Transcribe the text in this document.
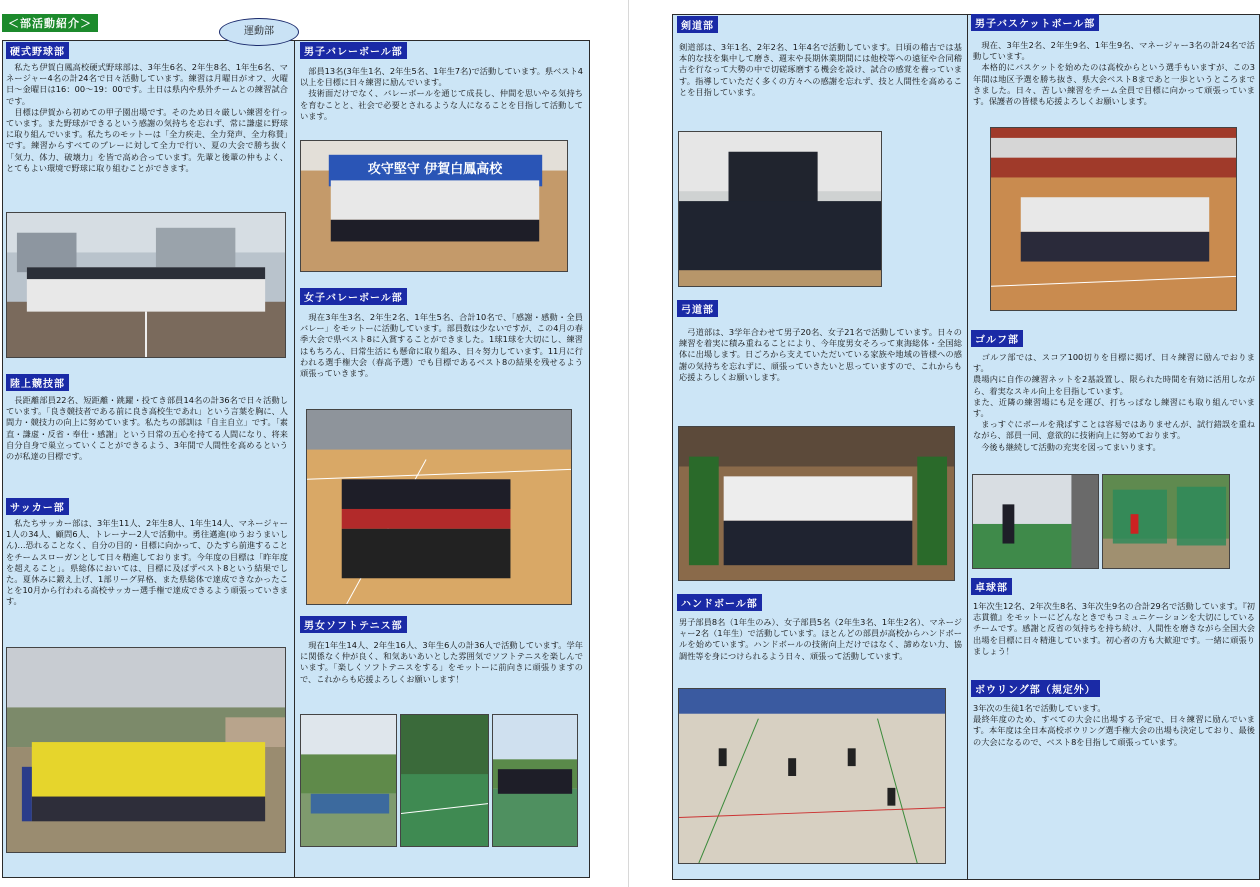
＜部活動紹介＞
運動部
硬式野球部

　私たち伊賀白鳳高校硬式野球部は、3年生6名、2年生8名、1年生6名、マネージャー4名の計24名で日々活動しています。練習は月曜日がオフ、火曜日～金曜日は16：00～19：00です。土日は県内や県外チームとの練習試合です。
　目標は伊賀から初めての甲子園出場です。そのため日々厳しい練習を行っています。また野球ができるという感謝の気持ちを忘れず、常に謙虚に野球に取り組んでいます。私たちのモットーは「全力疾走、全力発声、全力称賛」です。練習からすべてのプレーに対して全力で行い、夏の大会で勝ち抜く「気力、体力、破壊力」を皆で高め合っています。先輩と後輩の仲もよく、とてもよい環境で野球に取り組むことができます。

陸上競技部

　長距離部員22名、短距離・跳躍・投てき部員14名の計36名で日々活動しています。「良き競技者である前に良き高校生であれ」という言葉を胸に、人間力・競技力の向上に努めています。私たちの部訓は「自主自立」です。「素直・謙虚・反省・奉仕・感謝」という日常の五心を持てる人間になり、将来自分自身で巣立っていくことができるよう、3年間で人間性を高めるというのが私達の目標です。

サッカー部

　私たちサッカー部は、3年生11人、2年生8人、1年生14人、マネージャー1人の34人、顧問6人、トレーナー2人で活動中。勇往邁進(ゆうおうまいしん)…恐れることなく、自分の目的・目標に向かって、ひたすら前進することをチームスローガンとして日々精進しております。今年度の目標は「昨年度を超えること」。県総体においては、目標に及ばずベスト8という結果でした。夏休みに鍛え上げ、1部リーグ昇格、また県総体で達成できなかったことを10月から行われる高校サッカー選手権で達成できるよう頑張っていきます。

男子バレーボール部

　部員13名(3年生1名、2年生5名、1年生7名)で活動しています。県ベスト4以上を目標に日々練習に励んでいます。
　技術面だけでなく、バレーボールを通じて成長し、仲間を思いやる気持ちを育むことと、社会で必要とされるような人になることを目指して活動しています。

攻守堅守 伊賀白鳳高校
女子バレーボール部

　現在3年生3名、2年生2名、1年生5名、合計10名で、「感謝・感動・全員バレー」をモットーに活動しています。部員数は少ないですが、この4月の春季大会で県ベスト8に入賞することができました。1球1球を大切にし、練習はもちろん、日常生活にも懸命に取り組み、日々努力しています。11月に行われる選手権大会（春高予選）でも目標であるベスト8の結果を残せるよう頑張っていきます。

男女ソフトテニス部

　現在1年生14人、2年生16人、3年生6人の計36人で活動しています。学年に関係なく仲が良く、和気あいあいとした雰囲気でソフトテニスを楽しんでいます。「楽しくソフトテニスをする」をモットーに前向きに頑張りますので、これからも応援よろしくお願いします！

剣道部

剣道部は、3年1名、2年2名、1年4名で活動しています。日頃の稽古では基本的な技を集中して磨き、週末や長期休業期間には他校等への遠征や合同稽古を行なって大勢の中で切磋琢磨する機会を設け、試合の感覚を養っています。指導していただく多くの方々への感謝を忘れず、技と人間性を高めることを目指しています。

弓道部

　弓道部は、3学年合わせて男子20名、女子21名で活動しています。日々の練習を着実に積み重ねることにより、今年度男女そろって東海総体・全国総体に出場します。日ごろから支えていただいている家族や地域の皆様への感謝の気持ちを忘れずに、頑張っていきたいと思っていますので、これからも応援よろしくお願いします。

ハンドボール部

男子部員8名（1年生のみ）、女子部員5名（2年生3名、1年生2名）、マネージャー2名（1年生）で活動しています。ほとんどの部員が高校からハンドボールを始めています。ハンドボールの技術向上だけではなく、諦めない力、協調性等を身につけられるよう日々、頑張って活動しています。

男子バスケットボール部

　現在、3年生2名、2年生9名、1年生9名、マネージャー3名の計24名で活動しています。
　本格的にバスケットを始めたのは高校からという選手もいますが、この3年間は地区予選を勝ち抜き、県大会ベスト8まであと一歩というところまできました。日々、苦しい練習をチーム全員で目標に向かって頑張っています。保護者の皆様も応援よろしくお願いします。

ゴルフ部

　ゴルフ部では、スコア100切りを目標に掲げ、日々練習に励んでおります。
農場内に自作の練習ネットを2基設置し、限られた時間を有効に活用しながら、着実なスキル向上を目指しています。
また、近隣の練習場にも足を運び、打ちっぱなし練習にも取り組んでいます。
　まっすぐにボールを飛ばすことは容易ではありませんが、試行錯誤を重ねながら、部員一同、意欲的に技術向上に努めております。
　今後も継続して活動の充実を図ってまいります。

卓球部

1年次生12名、2年次生8名、3年次生9名の合計29名で活動しています。『初志貫徹』をモットーにどんなときでもコミュニケーションを大切にしているチームです。感謝と反省の気持ちを持ち続け、人間性を磨きながら全国大会出場を目標に日々精進しています。初心者の方も大歓迎です。一緒に頑張りましょう！

ボウリング部（規定外）

3年次の生徒1名で活動しています。
最終年度のため、すべての大会に出場する予定で、日々練習に励んでいます。本年度は全日本高校ボウリング選手権大会の出場も決定しており、最後の大会になるので、ベスト8を目指して頑張っています。
